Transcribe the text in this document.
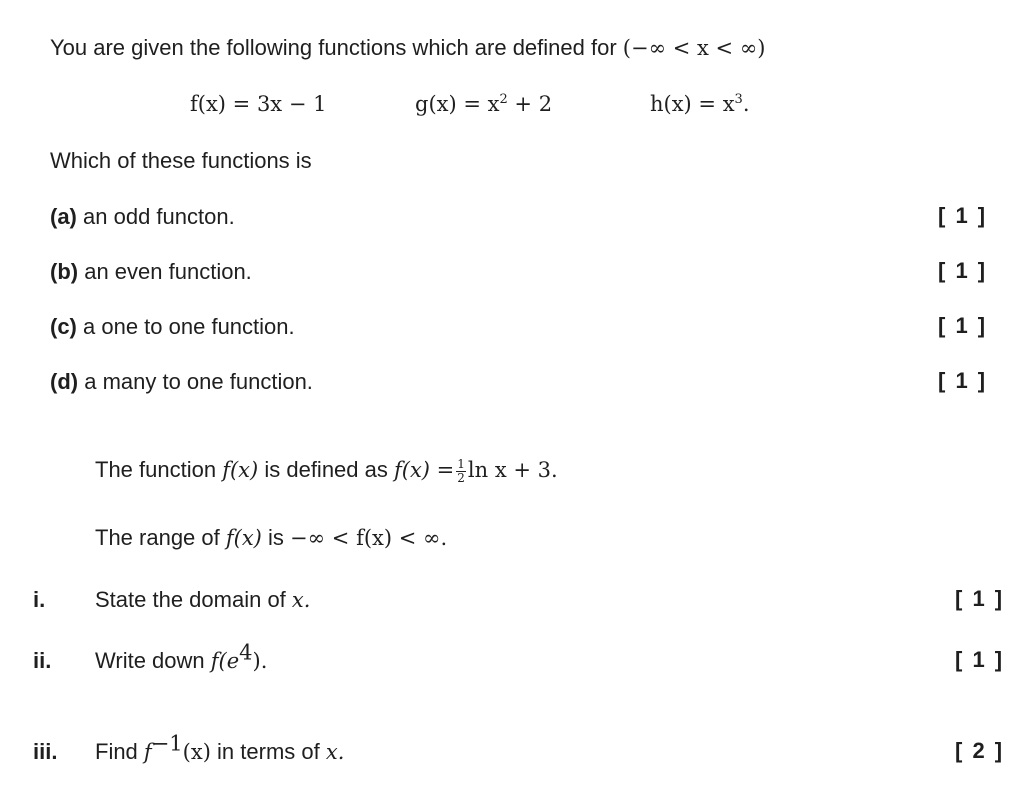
You are given the following functions which are defined for (−∞ < x < ∞)
f(x) = 3x − 1	$g(x) = x^2 + 2$	$h(x) = x^3$.
Which of these functions is
(a) an odd functon.	[ 1 ]
(b) an even function.	[ 1 ]
(c) a one to one function.	[ 1 ]
(d) a many to one function.	[ 1 ]
The function f(x) is defined as $f(x) = \frac{1}{2}$ ln x + 3.
The range of f(x) is −∞ < f(x) < ∞.
i. State the domain of x.	[ 1 ]
ii. Write down $f(e^4)$.	[ 1 ]
iii. Find $f^{-1}(x)$ in terms of x.	[ 2 ]
